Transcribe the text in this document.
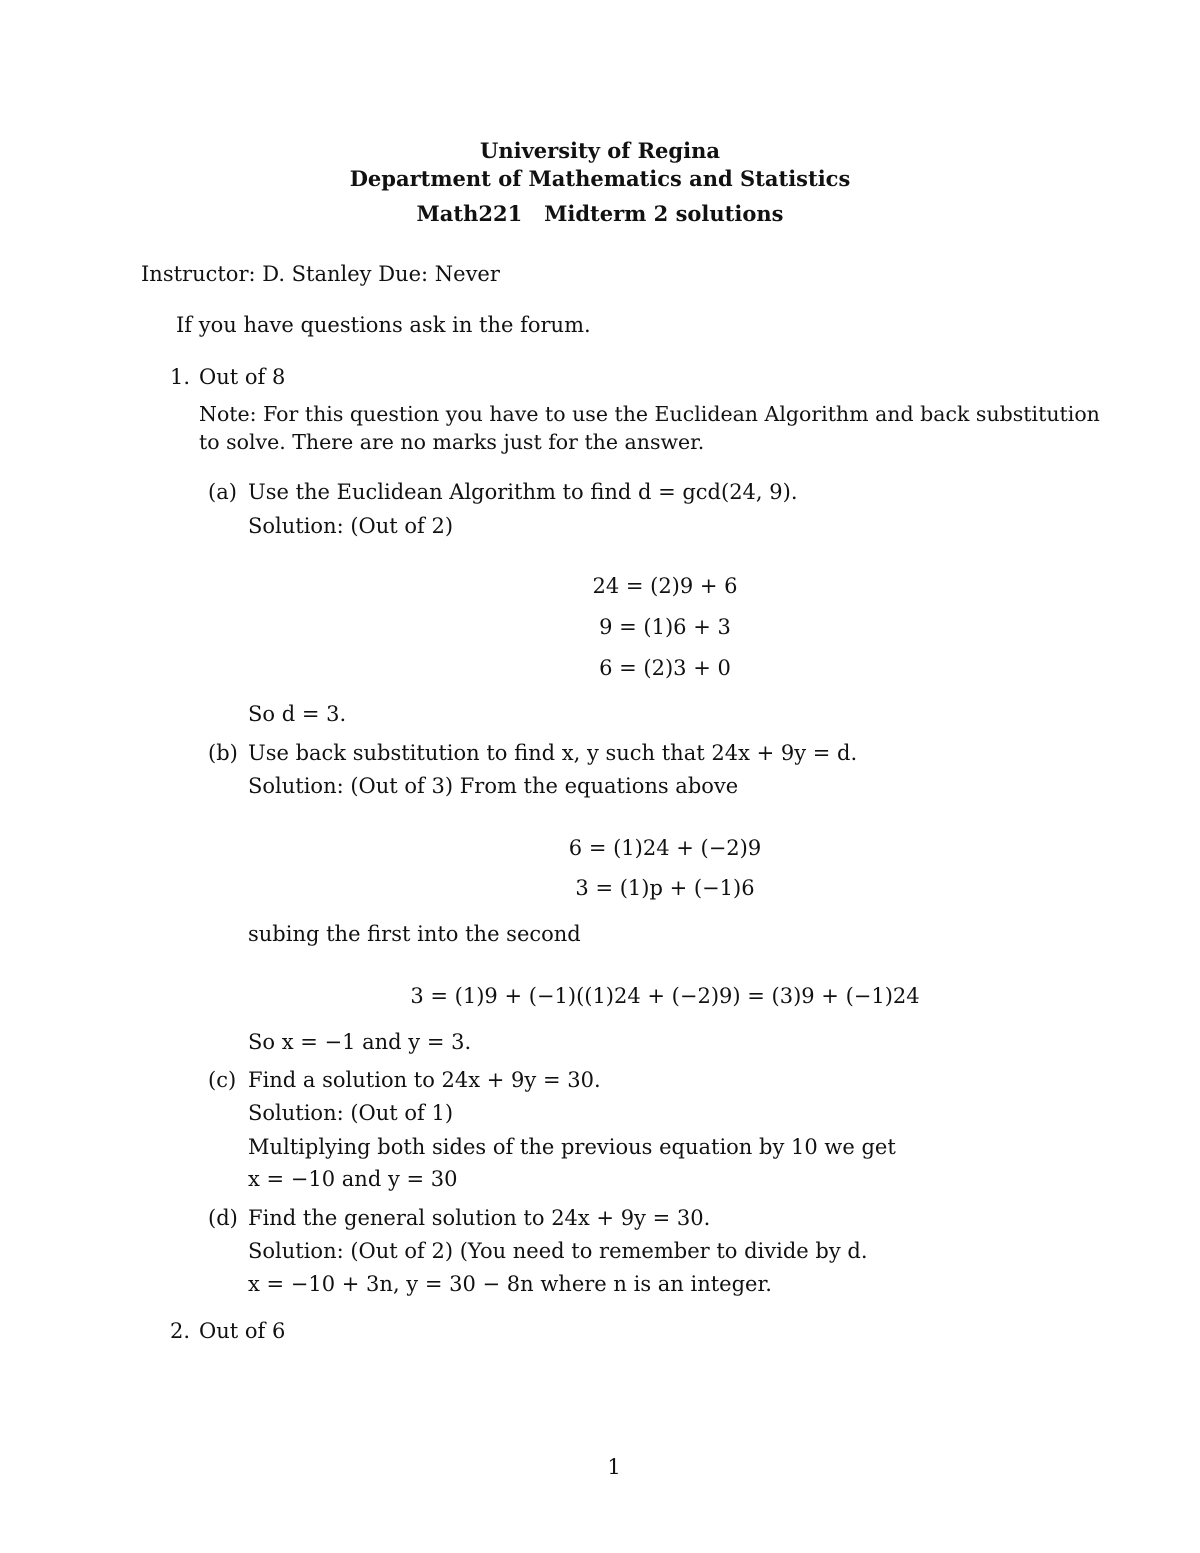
University of Regina
Department of Mathematics and Statistics
Math221   Midterm 2 solutions
Instructor: D. Stanley Due: Never
If you have questions ask in the forum.
1. Out of 8
Note: For this question you have to use the Euclidean Algorithm and back substitution
to solve. There are no marks just for the answer.
(a) Use the Euclidean Algorithm to find d = gcd(24, 9).
Solution: (Out of 2)
24 = (2)9 + 6
9 = (1)6 + 3
6 = (2)3 + 0
So d = 3.
(b) Use back substitution to find x, y such that 24x + 9y = d.
Solution: (Out of 3) From the equations above
6 = (1)24 + (−2)9
3 = (1)p + (−1)6
subing the first into the second
3 = (1)9 + (−1)((1)24 + (−2)9) = (3)9 + (−1)24
So x = −1 and y = 3.
(c) Find a solution to 24x + 9y = 30.
Solution: (Out of 1)
Multiplying both sides of the previous equation by 10 we get
x = −10 and y = 30
(d) Find the general solution to 24x + 9y = 30.
Solution: (Out of 2) (You need to remember to divide by d.
x = −10 + 3n, y = 30 − 8n where n is an integer.
2. Out of 6
1
